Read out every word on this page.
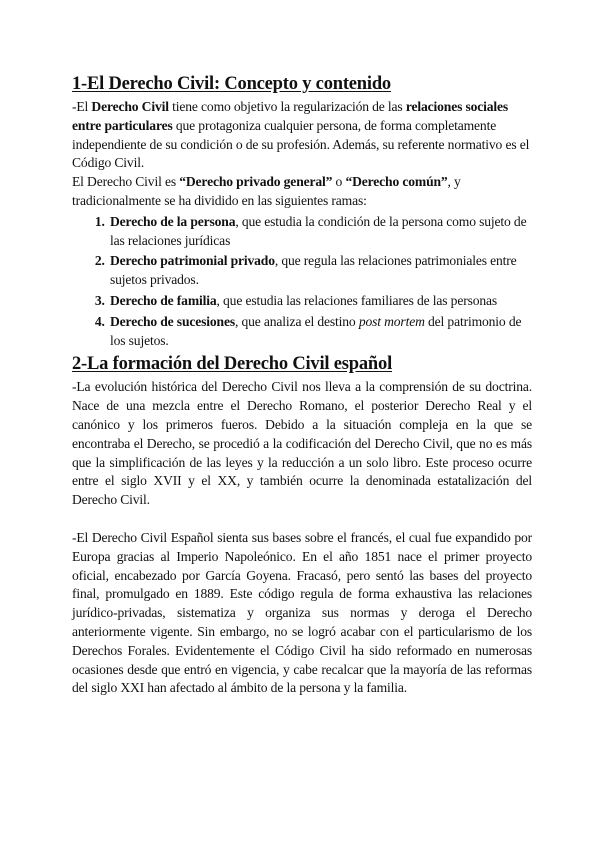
1-El Derecho Civil: Concepto y contenido

-El Derecho Civil tiene como objetivo la regularización de las relaciones sociales entre particulares que protagoniza cualquier persona, de forma completamente independiente de su condición o de su profesión. Además, su referente normativo es el Código Civil.

El Derecho Civil es “Derecho privado general” o “Derecho común”, y tradicionalmente se ha dividido en las siguientes ramas:

1. Derecho de la persona, que estudia la condición de la persona como sujeto de las relaciones jurídicas
2. Derecho patrimonial privado, que regula las relaciones patrimoniales entre sujetos privados.
3. Derecho de familia, que estudia las relaciones familiares de las personas
4. Derecho de sucesiones, que analiza el destino post mortem del patrimonio de los sujetos.
2-La formación del Derecho Civil español

-La evolución histórica del Derecho Civil nos lleva a la comprensión de su doctrina. Nace de una mezcla entre el Derecho Romano, el posterior Derecho Real y el canónico y los primeros fueros. Debido a la situación compleja en la que se encontraba el Derecho, se procedió a la codificación del Derecho Civil, que no es más que la simplificación de las leyes y la reducción a un solo libro. Este proceso ocurre entre el siglo XVII y el XX, y también ocurre la denominada estatalización del Derecho Civil.

-El Derecho Civil Español sienta sus bases sobre el francés, el cual fue expandido por Europa gracias al Imperio Napoleónico. En el año 1851 nace el primer proyecto oficial, encabezado por García Goyena. Fracasó, pero sentó las bases del proyecto final, promulgado en 1889. Este código regula de forma exhaustiva las relaciones jurídico-privadas, sistematiza y organiza sus normas y deroga el Derecho anteriormente vigente. Sin embargo, no se logró acabar con el particularismo de los Derechos Forales. Evidentemente el Código Civil ha sido reformado en numerosas ocasiones desde que entró en vigencia, y cabe recalcar que la mayoría de las reformas del siglo XXI han afectado al ámbito de la persona y la familia.
